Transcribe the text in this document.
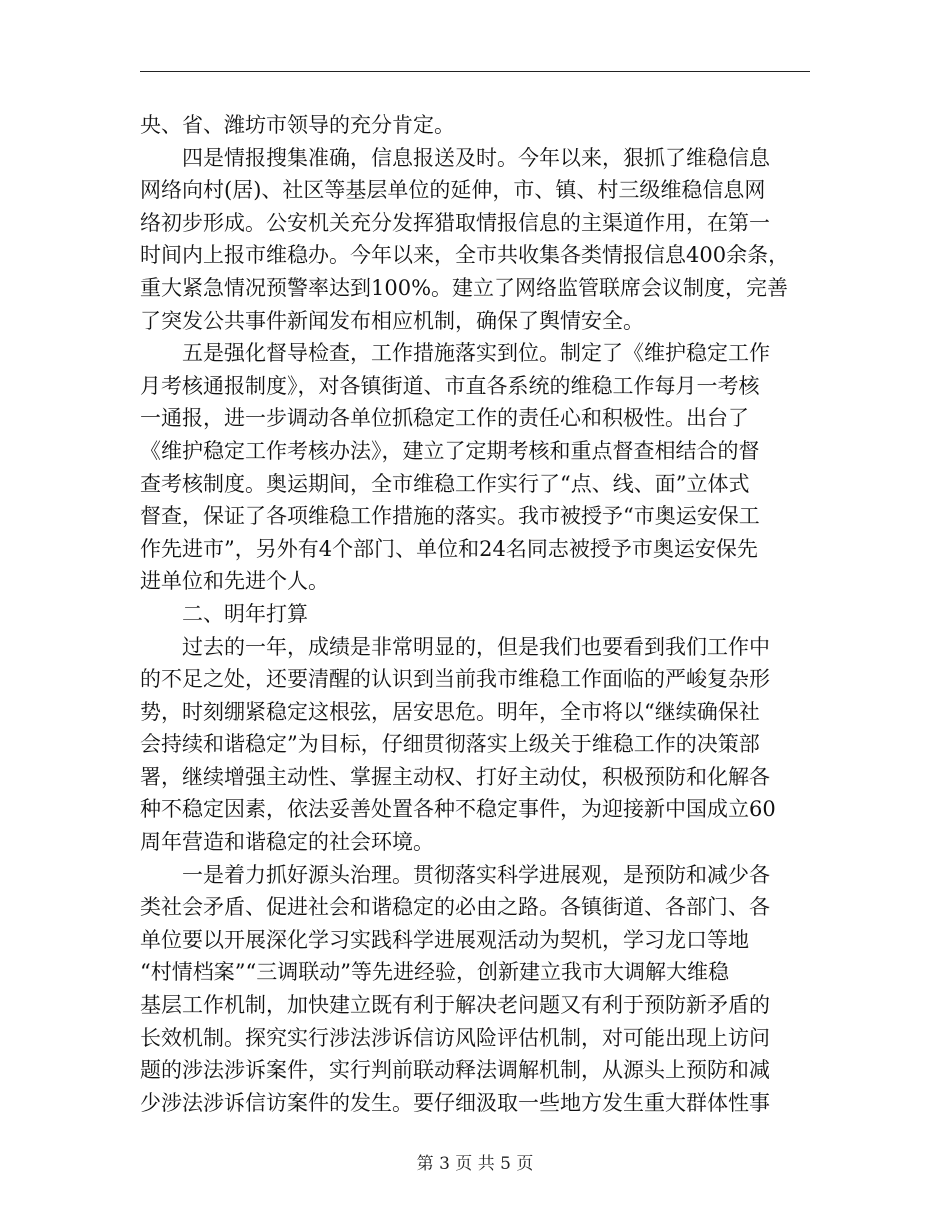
央、省、潍坊市领导的充分肯定。
　　四是情报搜集准确，信息报送及时。今年以来，狠抓了维稳信息
网络向村(居)、社区等基层单位的延伸，市、镇、村三级维稳信息网
络初步形成。公安机关充分发挥猎取情报信息的主渠道作用，在第一
时间内上报市维稳办。今年以来，全市共收集各类情报信息400余条，
重大紧急情况预警率达到100%。建立了网络监管联席会议制度，完善
了突发公共事件新闻发布相应机制，确保了舆情安全。
　　五是强化督导检查，工作措施落实到位。制定了《维护稳定工作
月考核通报制度》，对各镇街道、市直各系统的维稳工作每月一考核
一通报，进一步调动各单位抓稳定工作的责任心和积极性。出台了
《维护稳定工作考核办法》，建立了定期考核和重点督查相结合的督
查考核制度。奥运期间，全市维稳工作实行了“点、线、面”立体式
督查，保证了各项维稳工作措施的落实。我市被授予“市奥运安保工
作先进市”，另外有4个部门、单位和24名同志被授予市奥运安保先
进单位和先进个人。
　　二、明年打算
　　过去的一年，成绩是非常明显的，但是我们也要看到我们工作中
的不足之处，还要清醒的认识到当前我市维稳工作面临的严峻复杂形
势，时刻绷紧稳定这根弦，居安思危。明年，全市将以“继续确保社
会持续和谐稳定”为目标，仔细贯彻落实上级关于维稳工作的决策部
署，继续增强主动性、掌握主动权、打好主动仗，积极预防和化解各
种不稳定因素，依法妥善处置各种不稳定事件，为迎接新中国成立60
周年营造和谐稳定的社会环境。
　　一是着力抓好源头治理。贯彻落实科学进展观，是预防和减少各
类社会矛盾、促进社会和谐稳定的必由之路。各镇街道、各部门、各
单位要以开展深化学习实践科学进展观活动为契机，学习龙口等地
“村情档案”“三调联动”等先进经验，创新建立我市大调解大维稳
基层工作机制，加快建立既有利于解决老问题又有利于预防新矛盾的
长效机制。探究实行涉法涉诉信访风险评估机制，对可能出现上访问
题的涉法涉诉案件，实行判前联动释法调解机制，从源头上预防和减
少涉法涉诉信访案件的发生。要仔细汲取一些地方发生重大群体性事
第 3 页 共 5 页
